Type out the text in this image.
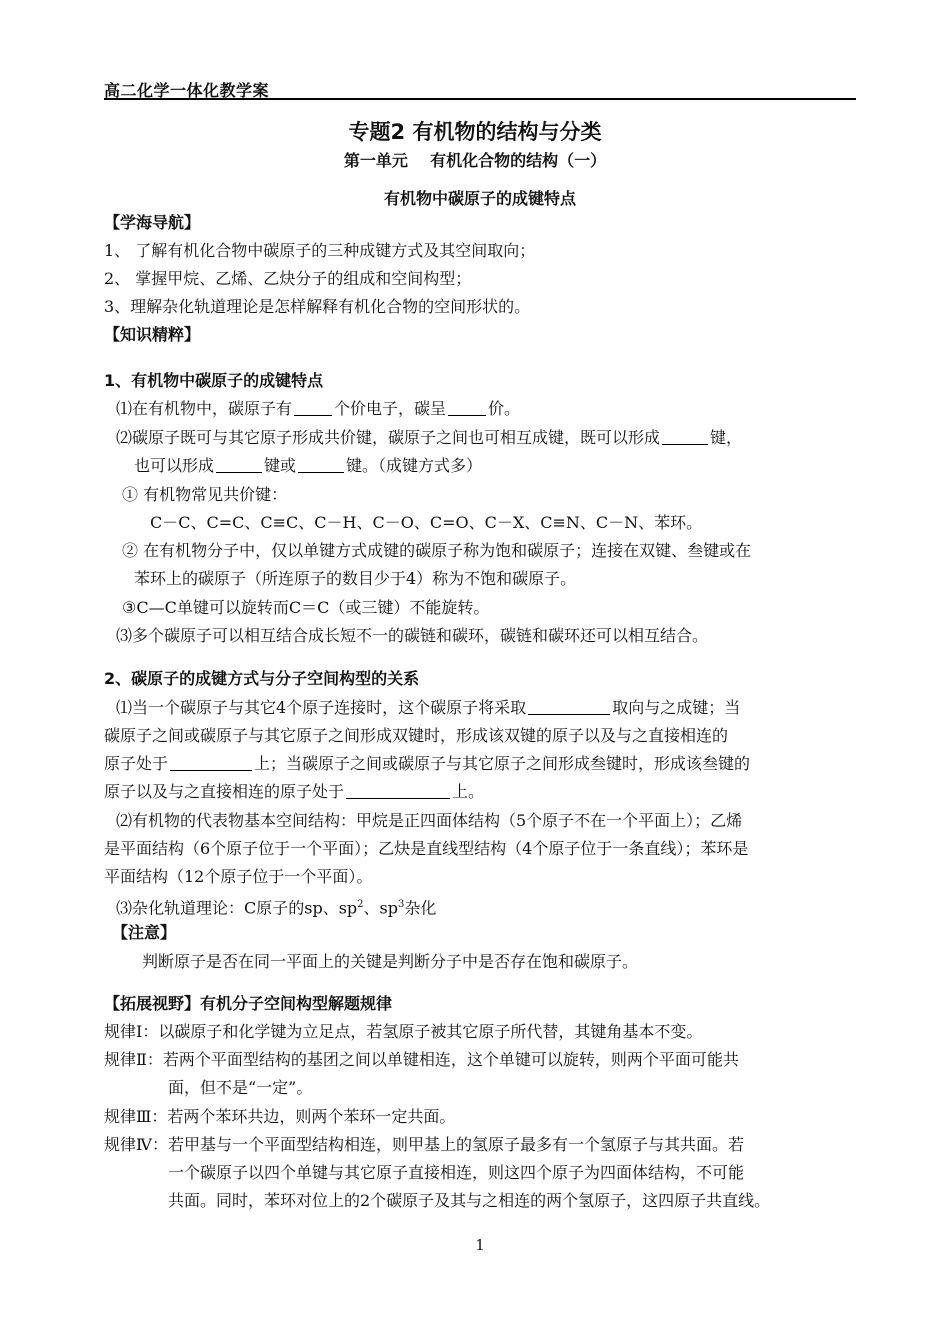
高二化学一体化教学案
专题2 有机物的结构与分类
第一单元    有机化合物的结构（一）
有机物中碳原子的成键特点
【学海导航】
1、 了解有机化合物中碳原子的三种成键方式及其空间取向；
2、 掌握甲烷、乙烯、乙炔分子的组成和空间构型；
3、理解杂化轨道理论是怎样解释有机化合物的空间形状的。
【知识精粹】
1、有机物中碳原子的成键特点
⑴在有机物中，碳原子有	个价电子，碳呈	价。
⑵碳原子既可与其它原子形成共价键，碳原子之间也可相互成键，既可以形成	键，
也可以形成	键或	键。（成键方式多）
① 有机物常见共价键：
C－C、C=C、C≡C、C－H、C－O、C=O、C－X、C≡N、C－N、苯环。
② 在有机物分子中，仅以单键方式成键的碳原子称为饱和碳原子；连接在双键、叁键或在
苯环上的碳原子（所连原子的数目少于4）称为不饱和碳原子。
③C—C单键可以旋转而C＝C（或三键）不能旋转。
⑶多个碳原子可以相互结合成长短不一的碳链和碳环，碳链和碳环还可以相互结合。
2、碳原子的成键方式与分子空间构型的关系
⑴当一个碳原子与其它4个原子连接时，这个碳原子将采取	取向与之成键；当
碳原子之间或碳原子与其它原子之间形成双键时，形成该双键的原子以及与之直接相连的
原子处于	上；当碳原子之间或碳原子与其它原子之间形成叁键时，形成该叁键的
原子以及与之直接相连的原子处于	上。
⑵有机物的代表物基本空间结构：甲烷是正四面体结构（5个原子不在一个平面上）；乙烯
是平面结构（6个原子位于一个平面）；乙炔是直线型结构（4个原子位于一条直线）；苯环是
平面结构（12个原子位于一个平面）。
⑶杂化轨道理论：C原子的sp、$sp^2$、$sp^3$杂化
【注意】
判断原子是否在同一平面上的关键是判断分子中是否存在饱和碳原子。
【拓展视野】有机分子空间构型解题规律
规律Ⅰ：以碳原子和化学键为立足点，若氢原子被其它原子所代替，其键角基本不变。
规律Ⅱ：若两个平面型结构的基团之间以单键相连，这个单键可以旋转，则两个平面可能共
面，但不是“一定”。
规律Ⅲ：若两个苯环共边，则两个苯环一定共面。
规律Ⅳ：若甲基与一个平面型结构相连，则甲基上的氢原子最多有一个氢原子与其共面。若
一个碳原子以四个单键与其它原子直接相连，则这四个原子为四面体结构，不可能
共面。同时，苯环对位上的2个碳原子及其与之相连的两个氢原子，这四原子共直线。
1
